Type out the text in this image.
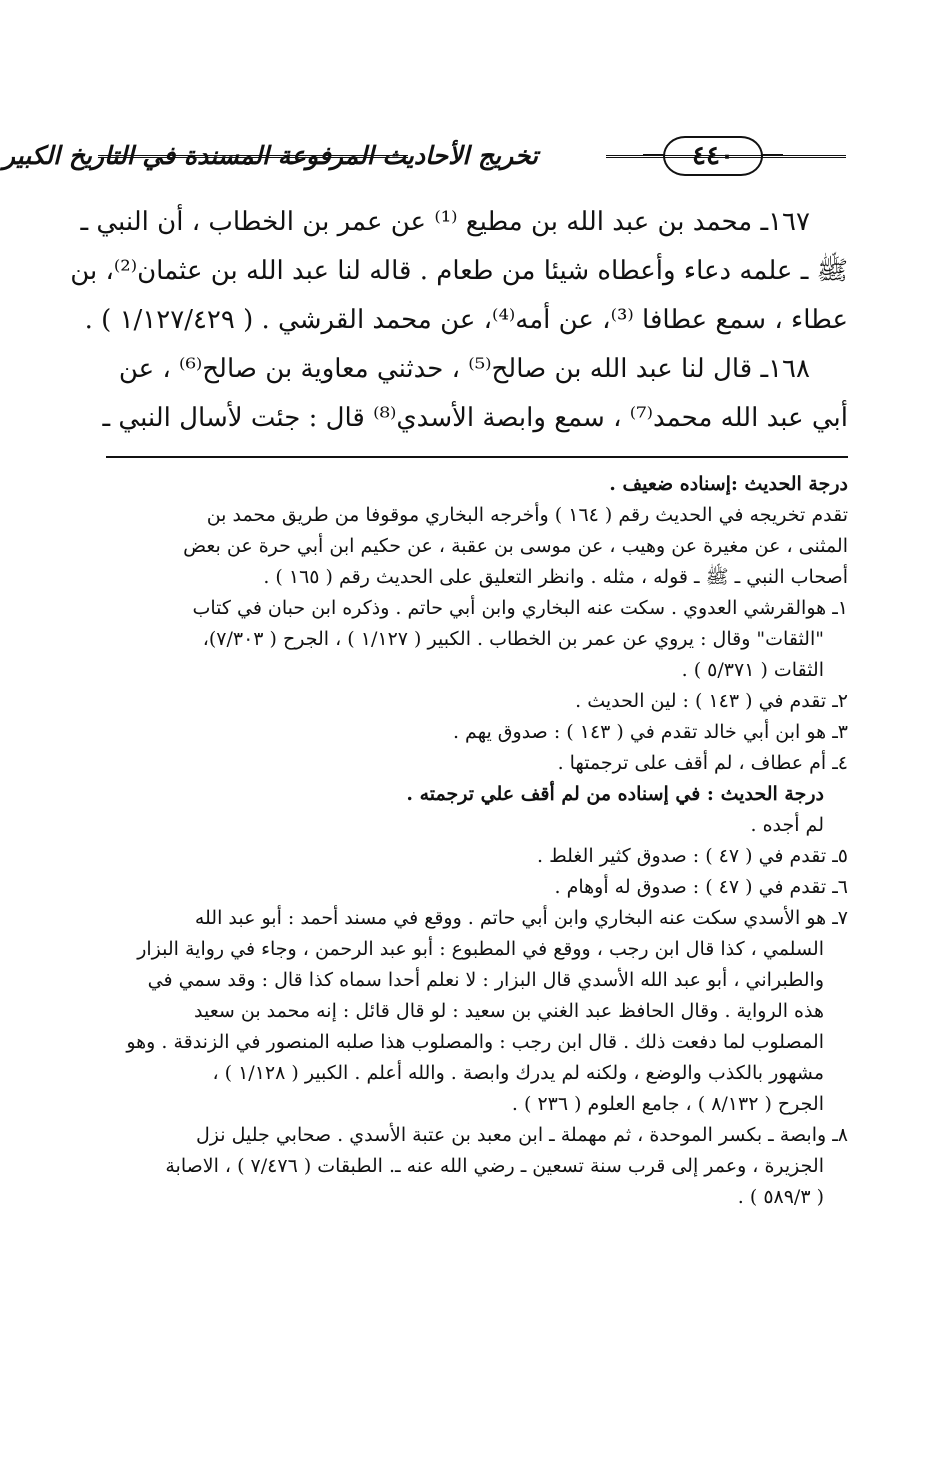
تخريج الأحاديث المرفوعة المسندة في التاريخ الكبير	٤٤٠
١٦٧ـ محمد بن عبد الله بن مطيع ⁽¹⁾ عن عمر بن الخطاب ، أن النبي ـ
ﷺ ـ علمه دعاء وأعطاه شيئا من طعام . قاله لنا عبد الله بن عثمان⁽²⁾، بن
عطاء ، سمع عطافا ⁽³⁾، عن أمه⁽⁴⁾، عن محمد القرشي . ( ١/١٢٧/٤٢٩ ) .
١٦٨ـ قال لنا عبد الله بن صالح⁽⁵⁾ ، حدثني معاوية بن صالح⁽⁶⁾ ، عن
أبي عبد الله محمد⁽⁷⁾ ، سمع وابصة الأسدي⁽⁸⁾ قال : جئت لأسال النبي ـ
درجة الحديث :إسناده ضعيف .
تقدم تخريجه في الحديث رقم ( ١٦٤ ) وأخرجه البخاري موقوفا من طريق محمد بن
المثنى ، عن مغيرة عن وهيب ، عن موسى بن عقبة ، عن حكيم ابن أبي حرة عن بعض
أصحاب النبي ـ ﷺ ـ قوله ، مثله . وانظر التعليق على الحديث رقم ( ١٦٥ ) .
١ـ هوالقرشي العدوي . سكت عنه البخاري وابن أبي حاتم . وذكره ابن حبان في كتاب
"الثقات" وقال : يروي عن عمر بن الخطاب . الكبير ( ١/١٢٧ ) ، الجرح ( ٧/٣٠٣)،
الثقات ( ٥/٣٧١ ) .
٢ـ تقدم في ( ١٤٣ ) : لين الحديث .
٣ـ هو ابن أبي خالد تقدم في ( ١٤٣ ) : صدوق يهم .
٤ـ أم عطاف ، لم أقف على ترجمتها .
درجة الحديث : في إسناده من لم أقف علي ترجمته .
لم أجده .
٥ـ تقدم في ( ٤٧ ) : صدوق كثير الغلط .
٦ـ تقدم في ( ٤٧ ) : صدوق له أوهام .
٧ـ هو الأسدي سكت عنه البخاري وابن أبي حاتم . ووقع في مسند أحمد : أبو عبد الله
السلمي ، كذا قال ابن رجب ، ووقع في المطبوع : أبو عبد الرحمن ، وجاء في رواية البزار
والطبراني ، أبو عبد الله الأسدي قال البزار : لا نعلم أحدا سماه كذا قال : وقد سمي في
هذه الرواية . وقال الحافظ عبد الغني بن سعيد : لو قال قائل : إنه محمد بن سعيد
المصلوب لما دفعت ذلك . قال ابن رجب : والمصلوب هذا صلبه المنصور في الزندقة . وهو
مشهور بالكذب والوضع ، ولكنه لم يدرك وابصة . والله أعلم . الكبير ( ١/١٢٨ ) ،
الجرح ( ٨/١٣٢ ) ، جامع العلوم ( ٢٣٦ ) .
٨ـ وابصة ـ بكسر الموحدة ، ثم مهملة ـ ابن معبد بن عتبة الأسدي . صحابي جليل نزل
الجزيرة ، وعمر إلى قرب سنة تسعين ـ رضي الله عنه ـ. الطبقات ( ٧/٤٧٦ ) ، الاصابة
( ٥٨٩/٣ ) .
